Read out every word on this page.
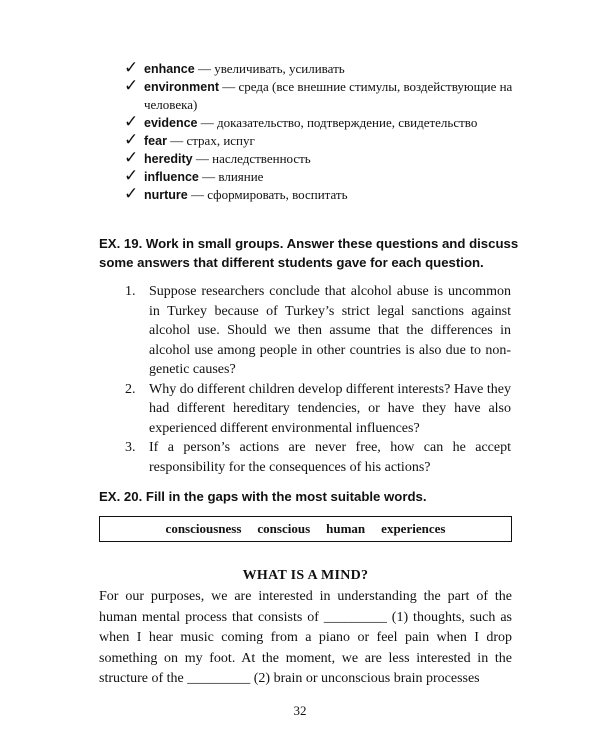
✓ enhance — увеличивать, усиливать
✓ environment — среда (все внешние стимулы, воздействующие на человека)
✓ evidence — доказательство, подтверждение, свидетельство
✓ fear — страх, испуг
✓ heredity — наследственность
✓ influence — влияние
✓ nurture — сформировать, воспитать
EX. 19. Work in small groups. Answer these questions and discuss some answers that different students gave for each question.
1. Suppose researchers conclude that alcohol abuse is uncommon in Turkey because of Turkey’s strict legal sanctions against alcohol use. Should we then assume that the differences in alcohol use among people in other countries is also due to non-genetic causes?
2. Why do different children develop different interests? Have they had different hereditary tendencies, or have they have also experienced different environmental influences?
3. If a person’s actions are never free, how can he accept responsibility for the consequences of his actions?
EX. 20. Fill in the gaps with the most suitable words.
consciousness conscious human experiences
WHAT IS A MIND?

For our purposes, we are interested in understanding the part of the human mental process that consists of _________ (1) thoughts, such as when I hear music coming from a piano or feel pain when I drop something on my foot. At the moment, we are less interested in the structure of the _________ (2) brain or unconscious brain processes

32
